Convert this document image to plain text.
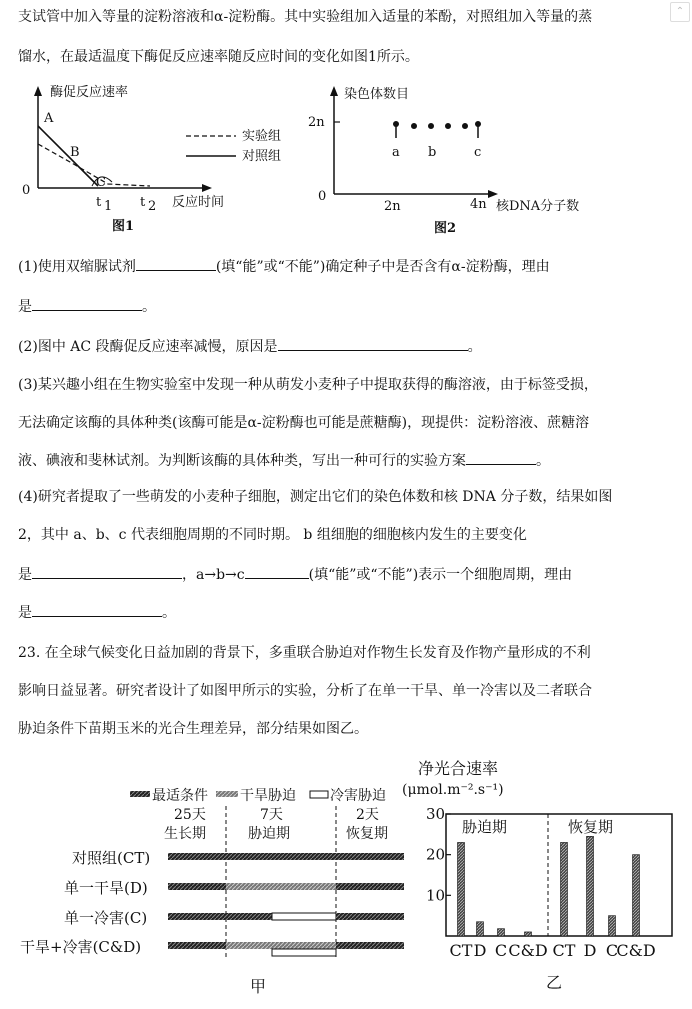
⌃
支试管中加入等量的淀粉溶液和α-淀粉酶。其中实验组加入适量的苯酚，对照组加入等量的蒸
馏水，在最适温度下酶促反应速率随反应时间的变化如图1所示。
酶促反应速率
反应时间
0
A
B
C
t 1 t 2
实验组
对照组
图1
染色体数目
核DNA分子数
0
2n
2n	4n
a b	c
图2
(1)使用双缩脲试剂	(填“能”或“不能”)确定种子中是否含有α-淀粉酶，理由
是	。
(2)图中 AC 段酶促反应速率减慢，原因是	。
(3)某兴趣小组在生物实验室中发现一种从萌发小麦种子中提取获得的酶溶液，由于标签受损，
无法确定该酶的具体种类(该酶可能是α-淀粉酶也可能是蔗糖酶)，现提供：淀粉溶液、蔗糖溶
液、碘液和斐林试剂。为判断该酶的具体种类，写出一种可行的实验方案	。
(4)研究者提取了一些萌发的小麦种子细胞，测定出它们的染色体数和核 DNA 分子数，结果如图
2，其中 a、b、c 代表细胞周期的不同时期。 b 组细胞的细胞核内发生的主要变化
是	，a→b→c	(填“能”或“不能”)表示一个细胞周期，理由
是	。
23. 在全球气候变化日益加剧的背景下，多重联合胁迫对作物生长发育及作物产量形成的不利
影响日益显著。研究者设计了如图甲所示的实验，分析了在单一干旱、单一冷害以及二者联合
胁迫条件下苗期玉米的光合生理差异，部分结果如图乙。
最适条件 干旱胁迫 冷害胁迫
25天
生长期
7天
胁迫期
2天
恢复期
对照组(CT)
单一干旱(D)
单一冷害(C)
干旱+冷害(C&D)
甲
净光合速率
(μmol.m⁻².s⁻¹)
胁迫期	恢复期
30
20
10
CT D C C&D CT D C
C&D
乙
